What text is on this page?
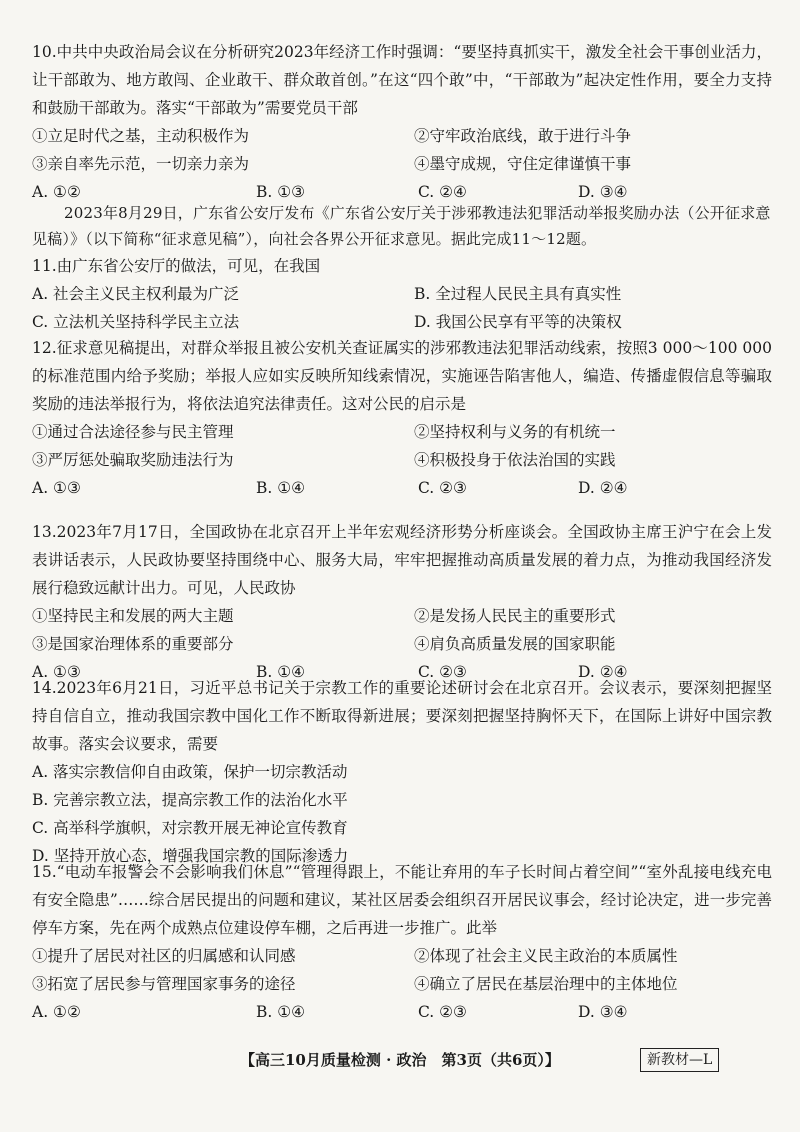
10.中共中央政治局会议在分析研究2023年经济工作时强调：“要坚持真抓实干，激发全社会干事创业活力，让干部敢为、地方敢闯、企业敢干、群众敢首创。”在这“四个敢”中，“干部敢为”起决定性作用，要全力支持和鼓励干部敢为。落实“干部敢为”需要党员干部
①立足时代之基，主动积极作为	②守牢政治底线，敢于进行斗争
③亲自率先示范，一切亲力亲为	④墨守成规，守住定律谨慎干事
A. ①②	B. ①③	C. ②④	D. ③④
2023年8月29日，广东省公安厅发布《广东省公安厅关于涉邪教违法犯罪活动举报奖励办法（公开征求意见稿）》（以下简称“征求意见稿”），向社会各界公开征求意见。据此完成11～12题。
11.由广东省公安厅的做法，可见，在我国
A. 社会主义民主权利最为广泛	B. 全过程人民民主具有真实性
C. 立法机关坚持科学民主立法	D. 我国公民享有平等的决策权
12.征求意见稿提出，对群众举报且被公安机关查证属实的涉邪教违法犯罪活动线索，按照3 000～100 000的标准范围内给予奖励；举报人应如实反映所知线索情况，实施诬告陷害他人，编造、传播虚假信息等骗取奖励的违法举报行为，将依法追究法律责任。这对公民的启示是
①通过合法途径参与民主管理	②坚持权利与义务的有机统一
③严厉惩处骗取奖励违法行为	④积极投身于依法治国的实践
A. ①③	B. ①④	C. ②③	D. ②④
13.2023年7月17日，全国政协在北京召开上半年宏观经济形势分析座谈会。全国政协主席王沪宁在会上发表讲话表示，人民政协要坚持围绕中心、服务大局，牢牢把握推动高质量发展的着力点，为推动我国经济发展行稳致远献计出力。可见，人民政协
①坚持民主和发展的两大主题	②是发扬人民民主的重要形式
③是国家治理体系的重要部分	④肩负高质量发展的国家职能
A. ①③	B. ①④	C. ②③	D. ②④
14.2023年6月21日，习近平总书记关于宗教工作的重要论述研讨会在北京召开。会议表示，要深刻把握坚持自信自立，推动我国宗教中国化工作不断取得新进展；要深刻把握坚持胸怀天下，在国际上讲好中国宗教故事。落实会议要求，需要
A. 落实宗教信仰自由政策，保护一切宗教活动
B. 完善宗教立法，提高宗教工作的法治化水平
C. 高举科学旗帜，对宗教开展无神论宣传教育
D. 坚持开放心态，增强我国宗教的国际渗透力
15.“电动车报警会不会影响我们休息”“管理得跟上，不能让弃用的车子长时间占着空间”“室外乱接电线充电有安全隐患”……综合居民提出的问题和建议，某社区居委会组织召开居民议事会，经讨论决定，进一步完善停车方案，先在两个成熟点位建设停车棚，之后再进一步推广。此举
①提升了居民对社区的归属感和认同感	②体现了社会主义民主政治的本质属性
③拓宽了居民参与管理国家事务的途径	④确立了居民在基层治理中的主体地位
A. ①②	B. ①④	C. ②③	D. ③④
【高三10月质量检测 · 政治　第3页（共6页）】	新教材—L
